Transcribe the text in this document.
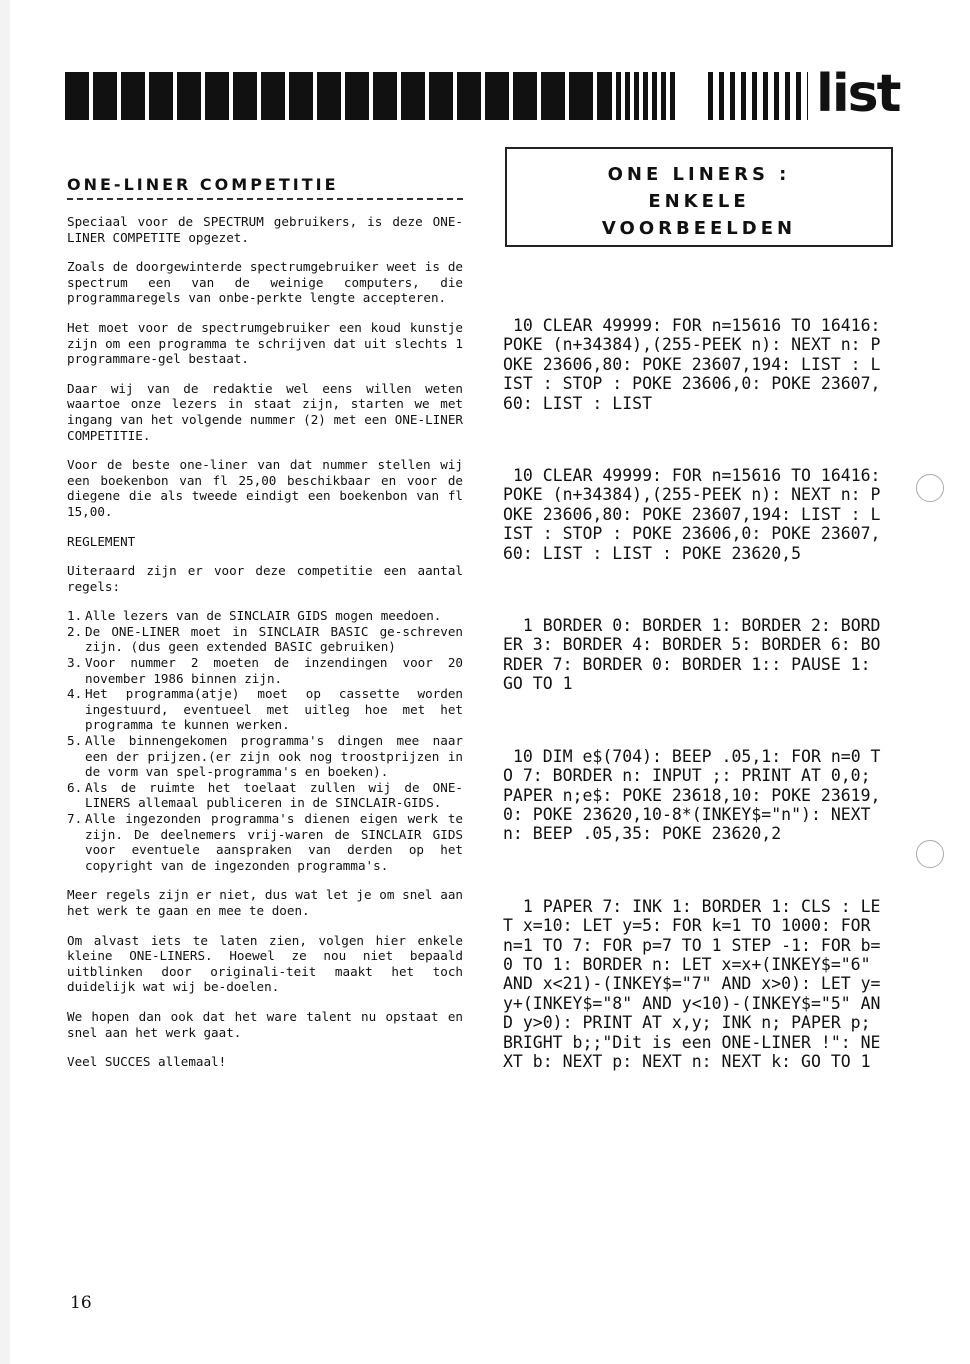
list
ONE-LINER COMPETITIE

Speciaal voor de SPECTRUM gebruikers, is deze ONE-LINER COMPETITE opgezet.

Zoals de doorgewinterde spectrumgebruiker weet is de spectrum een van de weinige computers, die programmaregels van onbe-perkte lengte accepteren.

Het moet voor de spectrumgebruiker een koud kunstje zijn om een programma te schrijven dat uit slechts 1 programmare-gel bestaat.

Daar wij van de redaktie wel eens willen weten waartoe onze lezers in staat zijn, starten we met ingang van het volgende nummer (2) met een ONE-LINER COMPETITIE.

Voor de beste one-liner van dat nummer stellen wij een boekenbon van fl 25,00 beschikbaar en voor de diegene die als tweede eindigt een boekenbon van fl 15,00.

REGLEMENT

Uiteraard zijn er voor deze competitie een aantal regels:

1. Alle lezers van de SINCLAIR GIDS mogen meedoen.
2. De ONE-LINER moet in SINCLAIR BASIC ge-schreven zijn. (dus geen extended BASIC gebruiken)
3. Voor nummer 2 moeten de inzendingen voor 20 november 1986 binnen zijn.
4. Het programma(atje) moet op cassette worden ingestuurd, eventueel met uitleg hoe met het programma te kunnen werken.
5. Alle binnengekomen programma's dingen mee naar een der prijzen.(er zijn ook nog troostprijzen in de vorm van spel-programma's en boeken).
6. Als de ruimte het toelaat zullen wij de ONE-LINERS allemaal publiceren in de SINCLAIR-GIDS.
7. Alle ingezonden programma's dienen eigen werk te zijn. De deelnemers vrij-waren de SINCLAIR GIDS voor eventuele aanspraken van derden op het copyright van de ingezonden programma's.

Meer regels zijn er niet, dus wat let je om snel aan het werk te gaan en mee te doen.

Om alvast iets te laten zien, volgen hier enkele kleine ONE-LINERS. Hoewel ze nou niet bepaald uitblinken door originali-teit maakt het toch duidelijk wat wij be-doelen.

We hopen dan ook dat het ware talent nu opstaat en snel aan het werk gaat.

Veel SUCCES allemaal!

16
ONE LINERS :
ENKELE
VOORBEELDEN
10 CLEAR 49999: FOR n=15616 TO 16416: POKE (n+34384),(255-PEEK n): NEXT n: POKE 23606,80: POKE 23607,194: LIST : LIST : STOP : POKE 23606,0: POKE 23607,60: LIST : LIST
10 CLEAR 49999: FOR n=15616 TO 16416: POKE (n+34384),(255-PEEK n): NEXT n: POKE 23606,80: POKE 23607,194: LIST : LIST : STOP : POKE 23606,0: POKE 23607,60: LIST : LIST : POKE 23620,5
1 BORDER 0: BORDER 1: BORDER 2: BORDER 3: BORDER 4: BORDER 5: BORDER 6: BORDER 7: BORDER 0: BORDER 1:: PAUSE 1: GO TO 1
10 DIM e$(704): BEEP .05,1: FOR n=0 TO 7: BORDER n: INPUT ;: PRINT AT 0,0; PAPER n;e$: POKE 23618,10: POKE 23619,0: POKE 23620,10-8*(INKEY$="n"): NEXT n: BEEP .05,35: POKE 23620,2
1 PAPER 7: INK 1: BORDER 1: CLS : LET x=10: LET y=5: FOR k=1 TO 1000: FOR n=1 TO 7: FOR p=7 TO 1 STEP -1: FOR b=0 TO 1: BORDER n: LET x=x+(INKEY$="6" AND x<21)-(INKEY$="7" AND x>0): LET y=y+(INKEY$="8" AND y<10)-(INKEY$="5" AND y>0): PRINT AT x,y; INK n; PAPER p; BRIGHT b;;"Dit is een ONE-LINER !": NEXT b: NEXT p: NEXT n: NEXT k: GO TO 1
